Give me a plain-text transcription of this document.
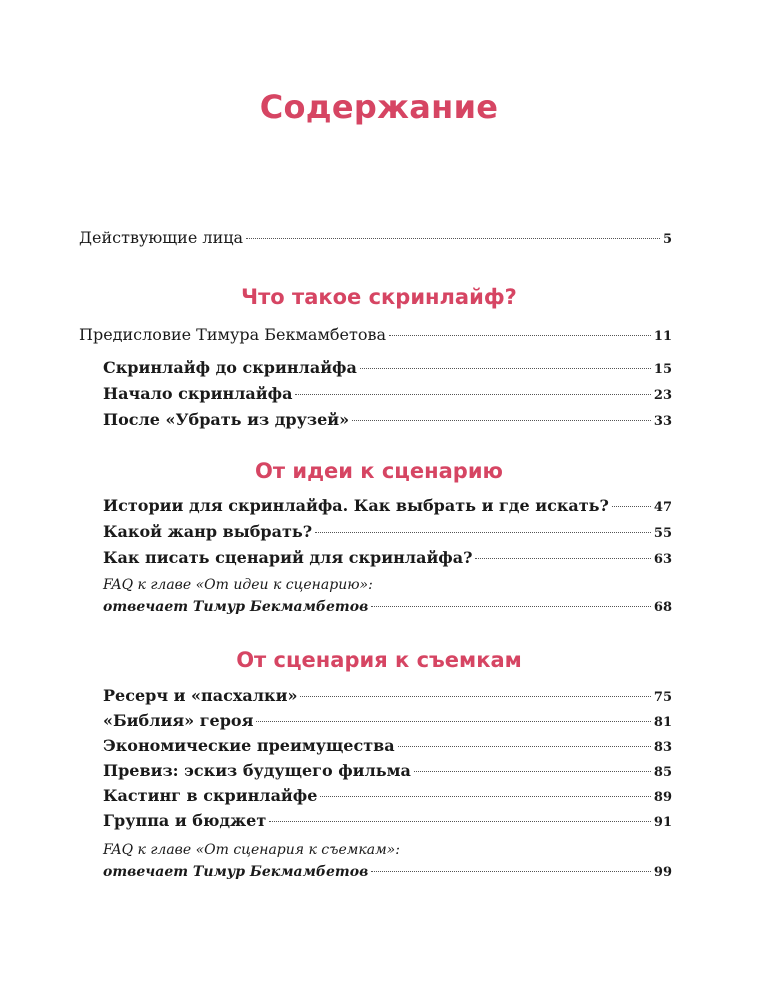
Содержание
Действующие лица	5
Что такое скринлайф?
Предисловие Тимура Бекмамбетова	11
Скринлайф до скринлайфа	15
Начало скринлайфа	23
После «Убрать из друзей»	33
От идеи к сценарию
Истории для скринлайфа. Как выбрать и где искать?	47
Какой жанр выбрать?	55
Как писать сценарий для скринлайфа?	63
FAQ к главе «От идеи к сценарию»:
отвечает Тимур Бекмамбетов	68
От сценария к съемкам
Ресерч и «пасхалки»	75
«Библия» героя	81
Экономические преимущества	83
Превиз: эскиз будущего фильма	85
Кастинг в скринлайфе	89
Группа и бюджет	91
FAQ к главе «От сценария к съемкам»:
отвечает Тимур Бекмамбетов	99
